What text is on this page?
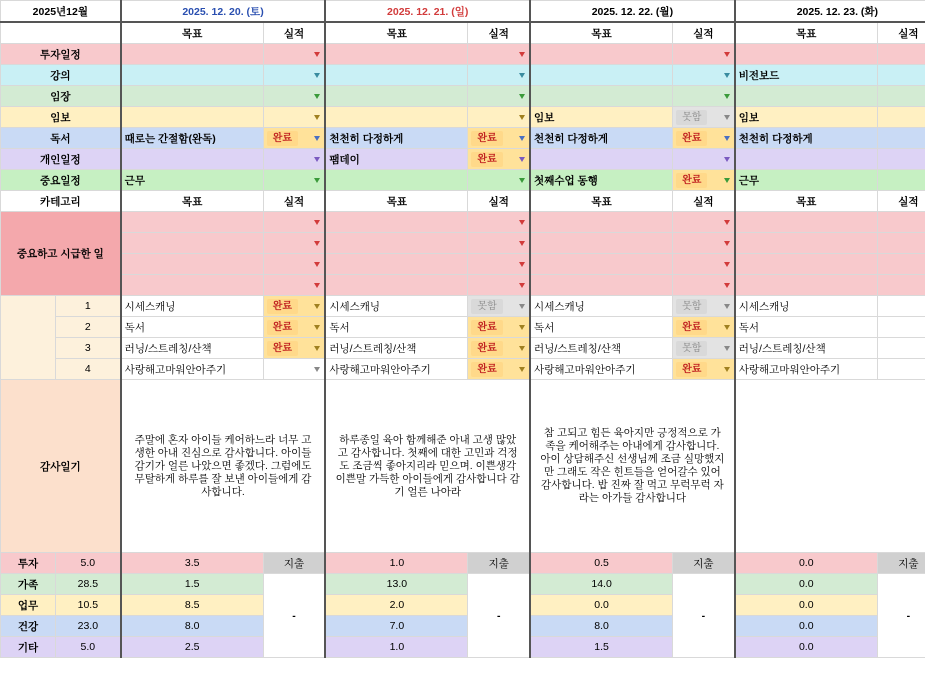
2025년12월		2025. 12. 20. (토)		2025. 12. 21. (일)		2025. 12. 22. (월)		2025. 12. 23. (화)	
		목표	실적	목표	실적	목표	실적	목표	실적
투자일정			

강의								비전보드	

임장			

임보						임보	못함	임보	

독서		때로는 간절함(완독)	완료	천천히 다정하게	완료	천천히 다정하게	완료	천천히 다정하게	

개인일정				팸데이	완료

중요일정		근무				첫째수업 동행	완료	근무	

카테고리		목표	실적	목표	실적	목표	실적	목표	실적
중요하고 시급한 일			

	1	시세스캐닝	완료	시세스캐닝	못함	시세스캐닝	못함	시세스캐닝	

	2	독서	완료	독서	완료	독서	완료	독서	

	3	러닝/스트레칭/산책	완료	러닝/스트레칭/산책	완료	러닝/스트레칭/산책	못함	러닝/스트레칭/산책	

	4	사랑해고마워안아주기		사랑해고마워안아주기	완료	사랑해고마워안아주기	완료	사랑해고마워안아주기	

감사일기		주말에 혼자 아이들 케어하느라 너무 고생한 아내 진심으로 감사합니다. 아이들 감기가 얼른 나았으면 좋겠다. 그럼에도 무탈하게 하루를 잘 보낸 아이들에게 감사합니다.		하루종일 육아 함께해준 아내 고생 많았고 감사합니다. 첫째에 대한 고민과 걱정도 조금씩 좋아지리라 믿으며. 이쁜생각 이쁜말 가득한 아이들에게 감사합니다 감기 얼른 나아라		참 고되고 힘든 육아지만 긍정적으로 가족을 케어해주는 아내에게 감사합니다. 아이 상담해주신 선생님께 조금 실망했지만 그래도 작은 힌트들을 얻어갈수 있어 감사합니다. 밥 진짜 잘 먹고 무럭무럭 자라는 아가들 감사합니다			
투자	5.0	3.5	지출	1.0	지출	0.5	지출	0.0	지출
가족	28.5	1.5	-	13.0	-	14.0	-	0.0	-
업무	10.5	8.5		2.0		0.0		0.0	
건강	23.0	8.0		7.0		8.0		0.0	
기타	5.0	2.5		1.0		1.5		0.0	
